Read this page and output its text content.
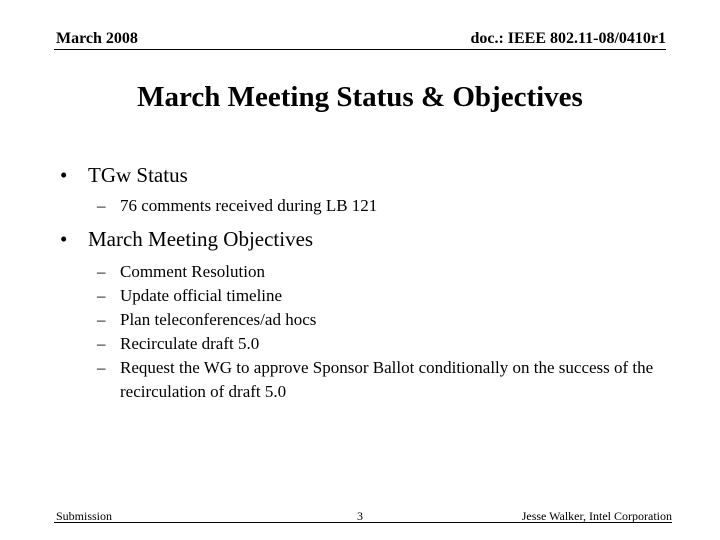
March 2008	doc.: IEEE 802.11-08/0410r1
March Meeting Status & Objectives
• TGw Status
– 76 comments received during LB 121
• March Meeting Objectives
– Comment Resolution
– Update official timeline
– Plan teleconferences/ad hocs
– Recirculate draft 5.0
– Request the WG to approve Sponsor Ballot conditionally on the success of the recirculation of draft 5.0
Submission	3	Jesse Walker, Intel Corporation
